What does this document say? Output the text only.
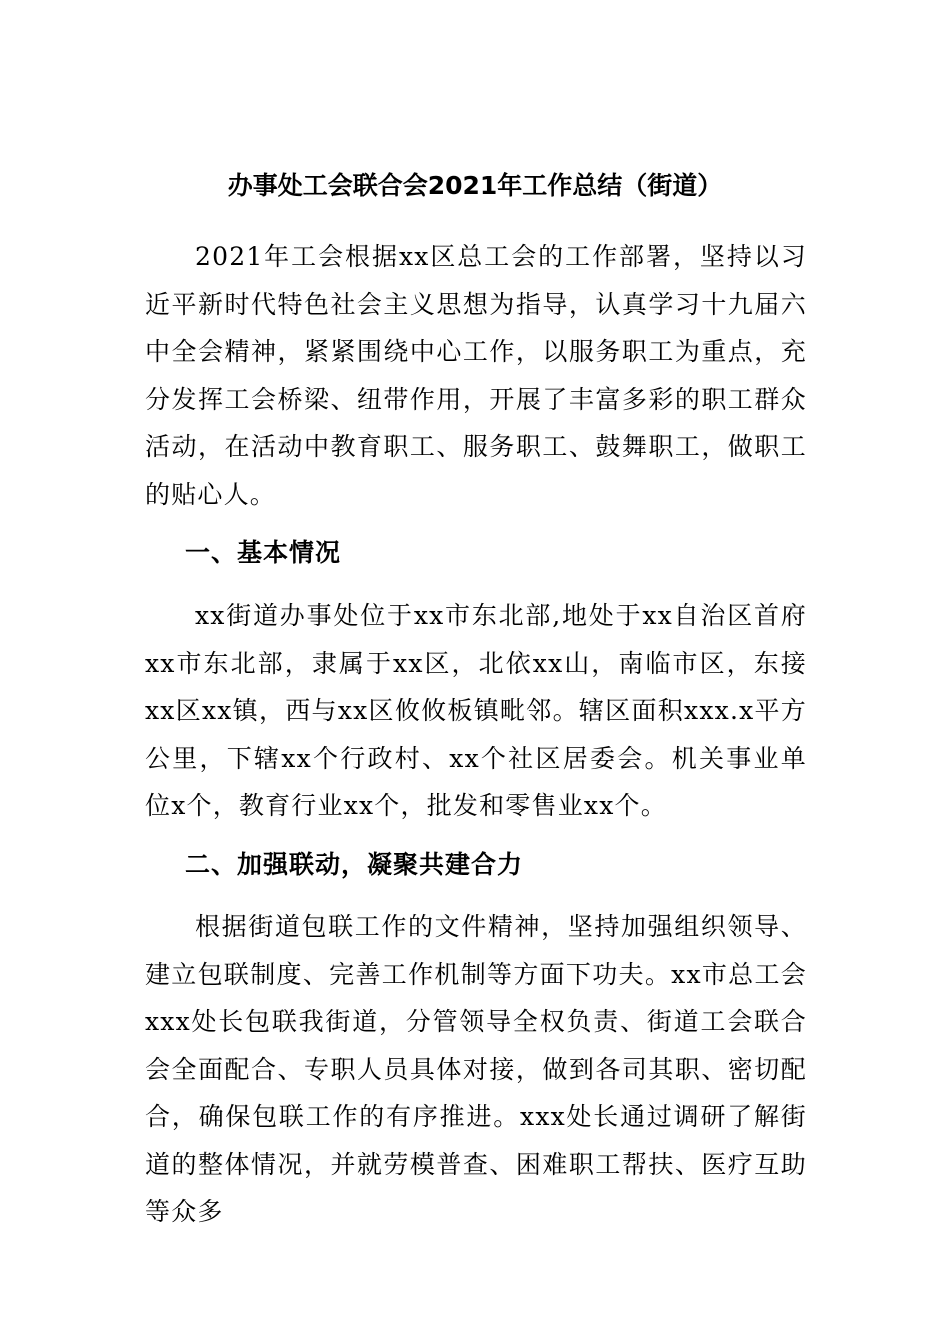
办事处工会联合会2021年工作总结（街道）

2021年工会根据xx区总工会的工作部署，坚持以习近平新时代特色社会主义思想为指导，认真学习十九届六中全会精神，紧紧围绕中心工作，以服务职工为重点，充分发挥工会桥梁、纽带作用，开展了丰富多彩的职工群众活动，在活动中教育职工、服务职工、鼓舞职工，做职工的贴心人。

一、基本情况

xx街道办事处位于xx市东北部,地处于xx自治区首府xx市东北部，隶属于xx区，北依xx山，南临市区，东接xx区xx镇，西与xx区攸攸板镇毗邻。辖区面积xxx.x平方公里，下辖xx个行政村、xx个社区居委会。机关事业单位x个，教育行业xx个，批发和零售业xx个。

二、加强联动，凝聚共建合力

根据街道包联工作的文件精神，坚持加强组织领导、建立包联制度、完善工作机制等方面下功夫。xx市总工会xxx处长包联我街道，分管领导全权负责、街道工会联合会全面配合、专职人员具体对接，做到各司其职、密切配合，确保包联工作的有序推进。xxx处长通过调研了解街道的整体情况，并就劳模普查、困难职工帮扶、医疗互助等众多
